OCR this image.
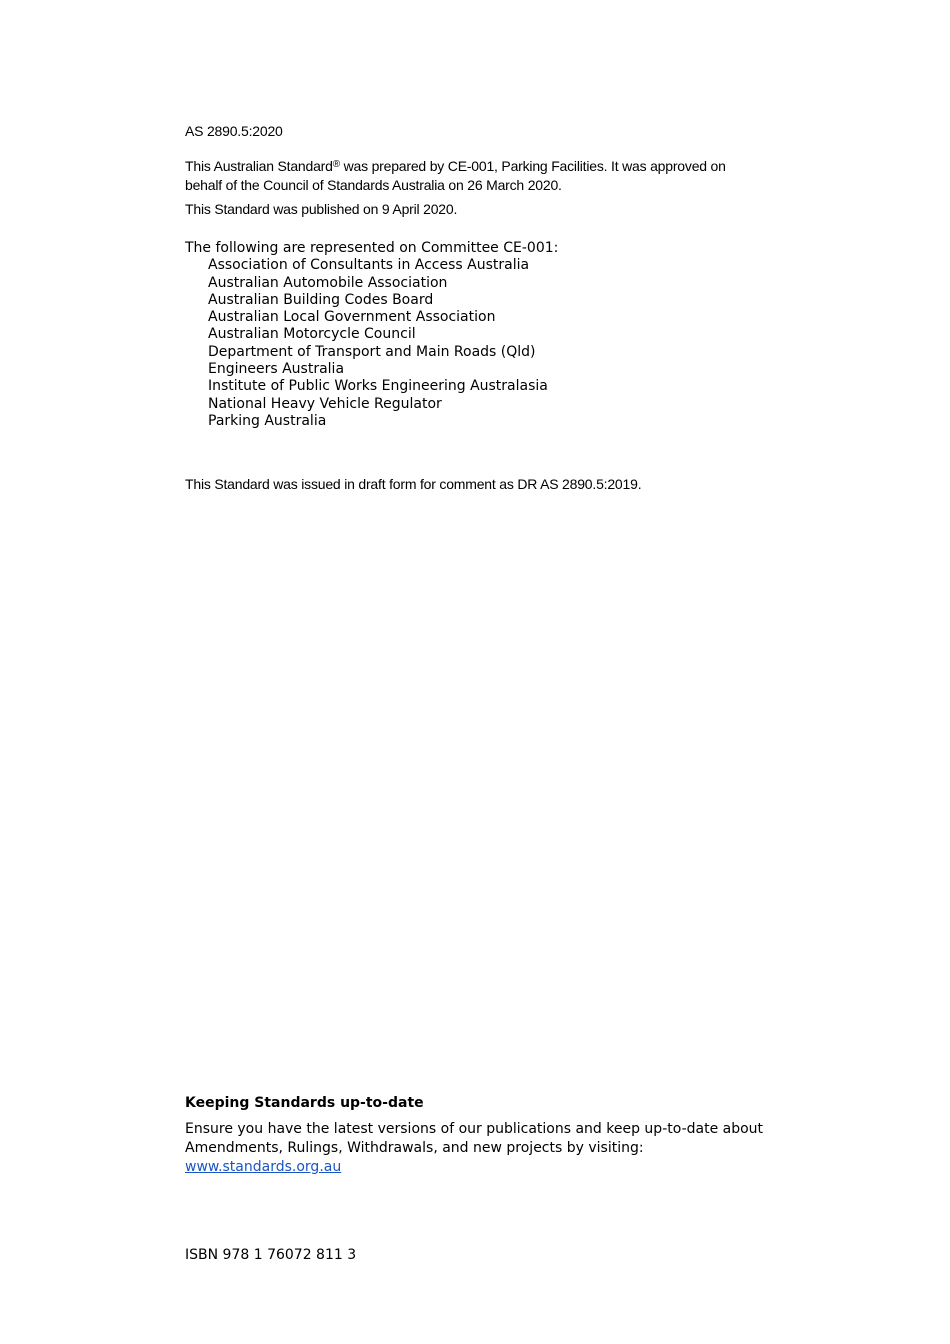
AS 2890.5:2020

This Australian Standard® was prepared by CE-001, Parking Facilities. It was approved on
behalf of the Council of Standards Australia on 26 March 2020.

This Standard was published on 9 April 2020.

The following are represented on Committee CE-001:
Association of Consultants in Access Australia
Australian Automobile Association
Australian Building Codes Board
Australian Local Government Association
Australian Motorcycle Council
Department of Transport and Main Roads (Qld)
Engineers Australia
Institute of Public Works Engineering Australasia
National Heavy Vehicle Regulator
Parking Australia

This Standard was issued in draft form for comment as DR AS 2890.5:2019.

Keeping Standards up-to-date
Ensure you have the latest versions of our publications and keep up-to-date about Amendments, Rulings, Withdrawals, and new projects by visiting:
www.standards.org.au

ISBN 978 1 76072 811 3
